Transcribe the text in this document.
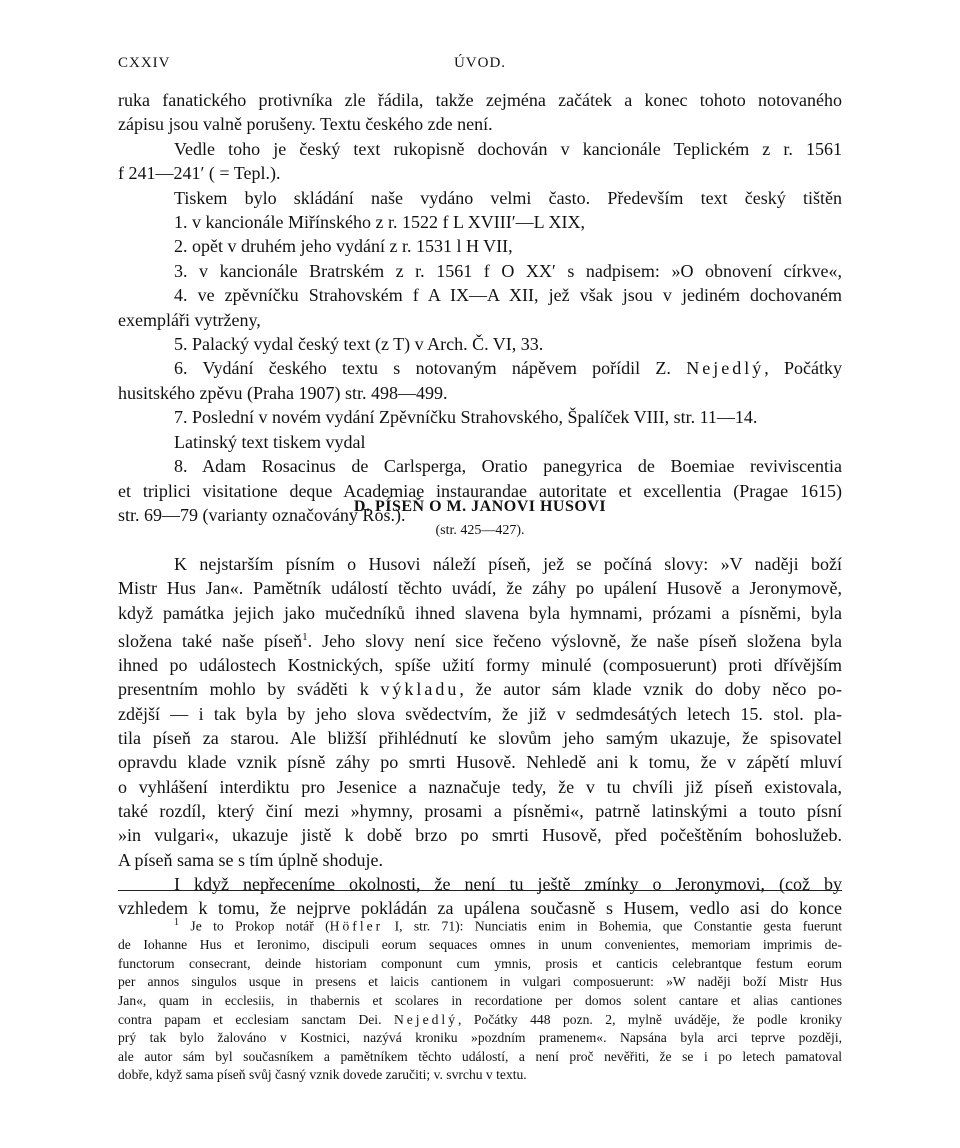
CXXIV	ÚVOD.
ruka fanatického protivníka zle řádila, takže zejména začátek a konec tohoto notovaného
zápisu jsou valně porušeny. Textu českého zde není.
Vedle toho je český text rukopisně dochován v kancionále Teplickém z r. 1561
f 241—241′ ( = Tepl.).
Tiskem bylo skládání naše vydáno velmi často. Především text český tištěn
1. v kancionále Miřínského z r. 1522 f L XVIII′—L XIX,
2. opět v druhém jeho vydání z r. 1531 l H VII,
3. v kancionále Bratrském z r. 1561 f O XX′ s nadpisem: »O obnovení církve«,
4. ve zpěvníčku Strahovském f A IX—A XII, jež však jsou v jediném dochovaném
exempláři vytrženy,
5. Palacký vydal český text (z T) v Arch. Č. VI, 33.
6. Vydání českého textu s notovaným nápěvem pořídil Z. Nejedlý, Počátky
husitského zpěvu (Praha 1907) str. 498—499.
7. Poslední v novém vydání Zpěvníčku Strahovského, Špalíček VIII, str. 11—14.
Latinský text tiskem vydal
8. Adam Rosacinus de Carlsperga, Oratio panegyrica de Boemiae reviviscentia
et triplici visitatione deque Academiae instaurandae autoritate et excellentia (Pragae 1615)
str. 69—79 (varianty označovány Ros.).
D. PÍSEŇ O M. JANOVI HUSOVI
(str. 425—427).
K nejstarším písním o Husovi náleží píseň, jež se počíná slovy: »V naději boží
Mistr Hus Jan«. Pamětník událostí těchto uvádí, že záhy po upálení Husově a Jeronymově,
když památka jejich jako mučedníků ihned slavena byla hymnami, prózami a písněmi, byla
složena také naše píseň$^1$. Jeho slovy není sice řečeno výslovně, že naše píseň složena byla
ihned po událostech Kostnických, spíše užití formy minulé (composuerunt) proti dřívějším
presentním mohlo by sváděti k výkladu, že autor sám klade vznik do doby něco po-
zdější — i tak byla by jeho slova svědectvím, že již v sedmdesátých letech 15. stol. pla-
tila píseň za starou. Ale bližší přihlédnutí ke slovům jeho samým ukazuje, že spisovatel
opravdu klade vznik písně záhy po smrti Husově. Nehledě ani k tomu, že v zápětí mluví
o vyhlášení interdiktu pro Jesenice a naznačuje tedy, že v tu chvíli již píseň existovala,
také rozdíl, který činí mezi »hymny, prosami a písněmi«, patrně latinskými a touto písní
»in vulgari«, ukazuje jistě k době brzo po smrti Husově, před počeštěním bohoslužeb.
A píseň sama se s tím úplně shoduje.
I když nepřeceníme okolnosti, že není tu ještě zmínky o Jeronymovi, (což by
vzhledem k tomu, že nejprve pokládán za upálena současně s Husem, vedlo asi do konce
$^1$ Je to Prokop notář (Höfler I, str. 71): Nunciatis enim in Bohemia, que Constantie gesta fuerunt
de Iohanne Hus et Ieronimo, discipuli eorum sequaces omnes in unum convenientes, memoriam imprimis de-
functorum consecrant, deinde historiam componunt cum ymnis, prosis et canticis celebrantque festum eorum
per annos singulos usque in presens et laicis cantionem in vulgari composuerunt: »W naději boží Mistr Hus
Jan«, quam in ecclesiis, in thabernis et scolares in recordatione per domos solent cantare et alias cantiones
contra papam et ecclesiam sanctam Dei. Nejedlý, Počátky 448 pozn. 2, mylně uváděje, že podle kroniky
prý tak bylo žalováno v Kostnici, nazývá kroniku »pozdním pramenem«. Napsána byla arci teprve později,
ale autor sám byl současníkem a pamětníkem těchto událostí, a není proč nevěřiti, že se i po letech pamatoval
dobře, když sama píseň svůj časný vznik dovede zaručiti; v. svrchu v textu.
